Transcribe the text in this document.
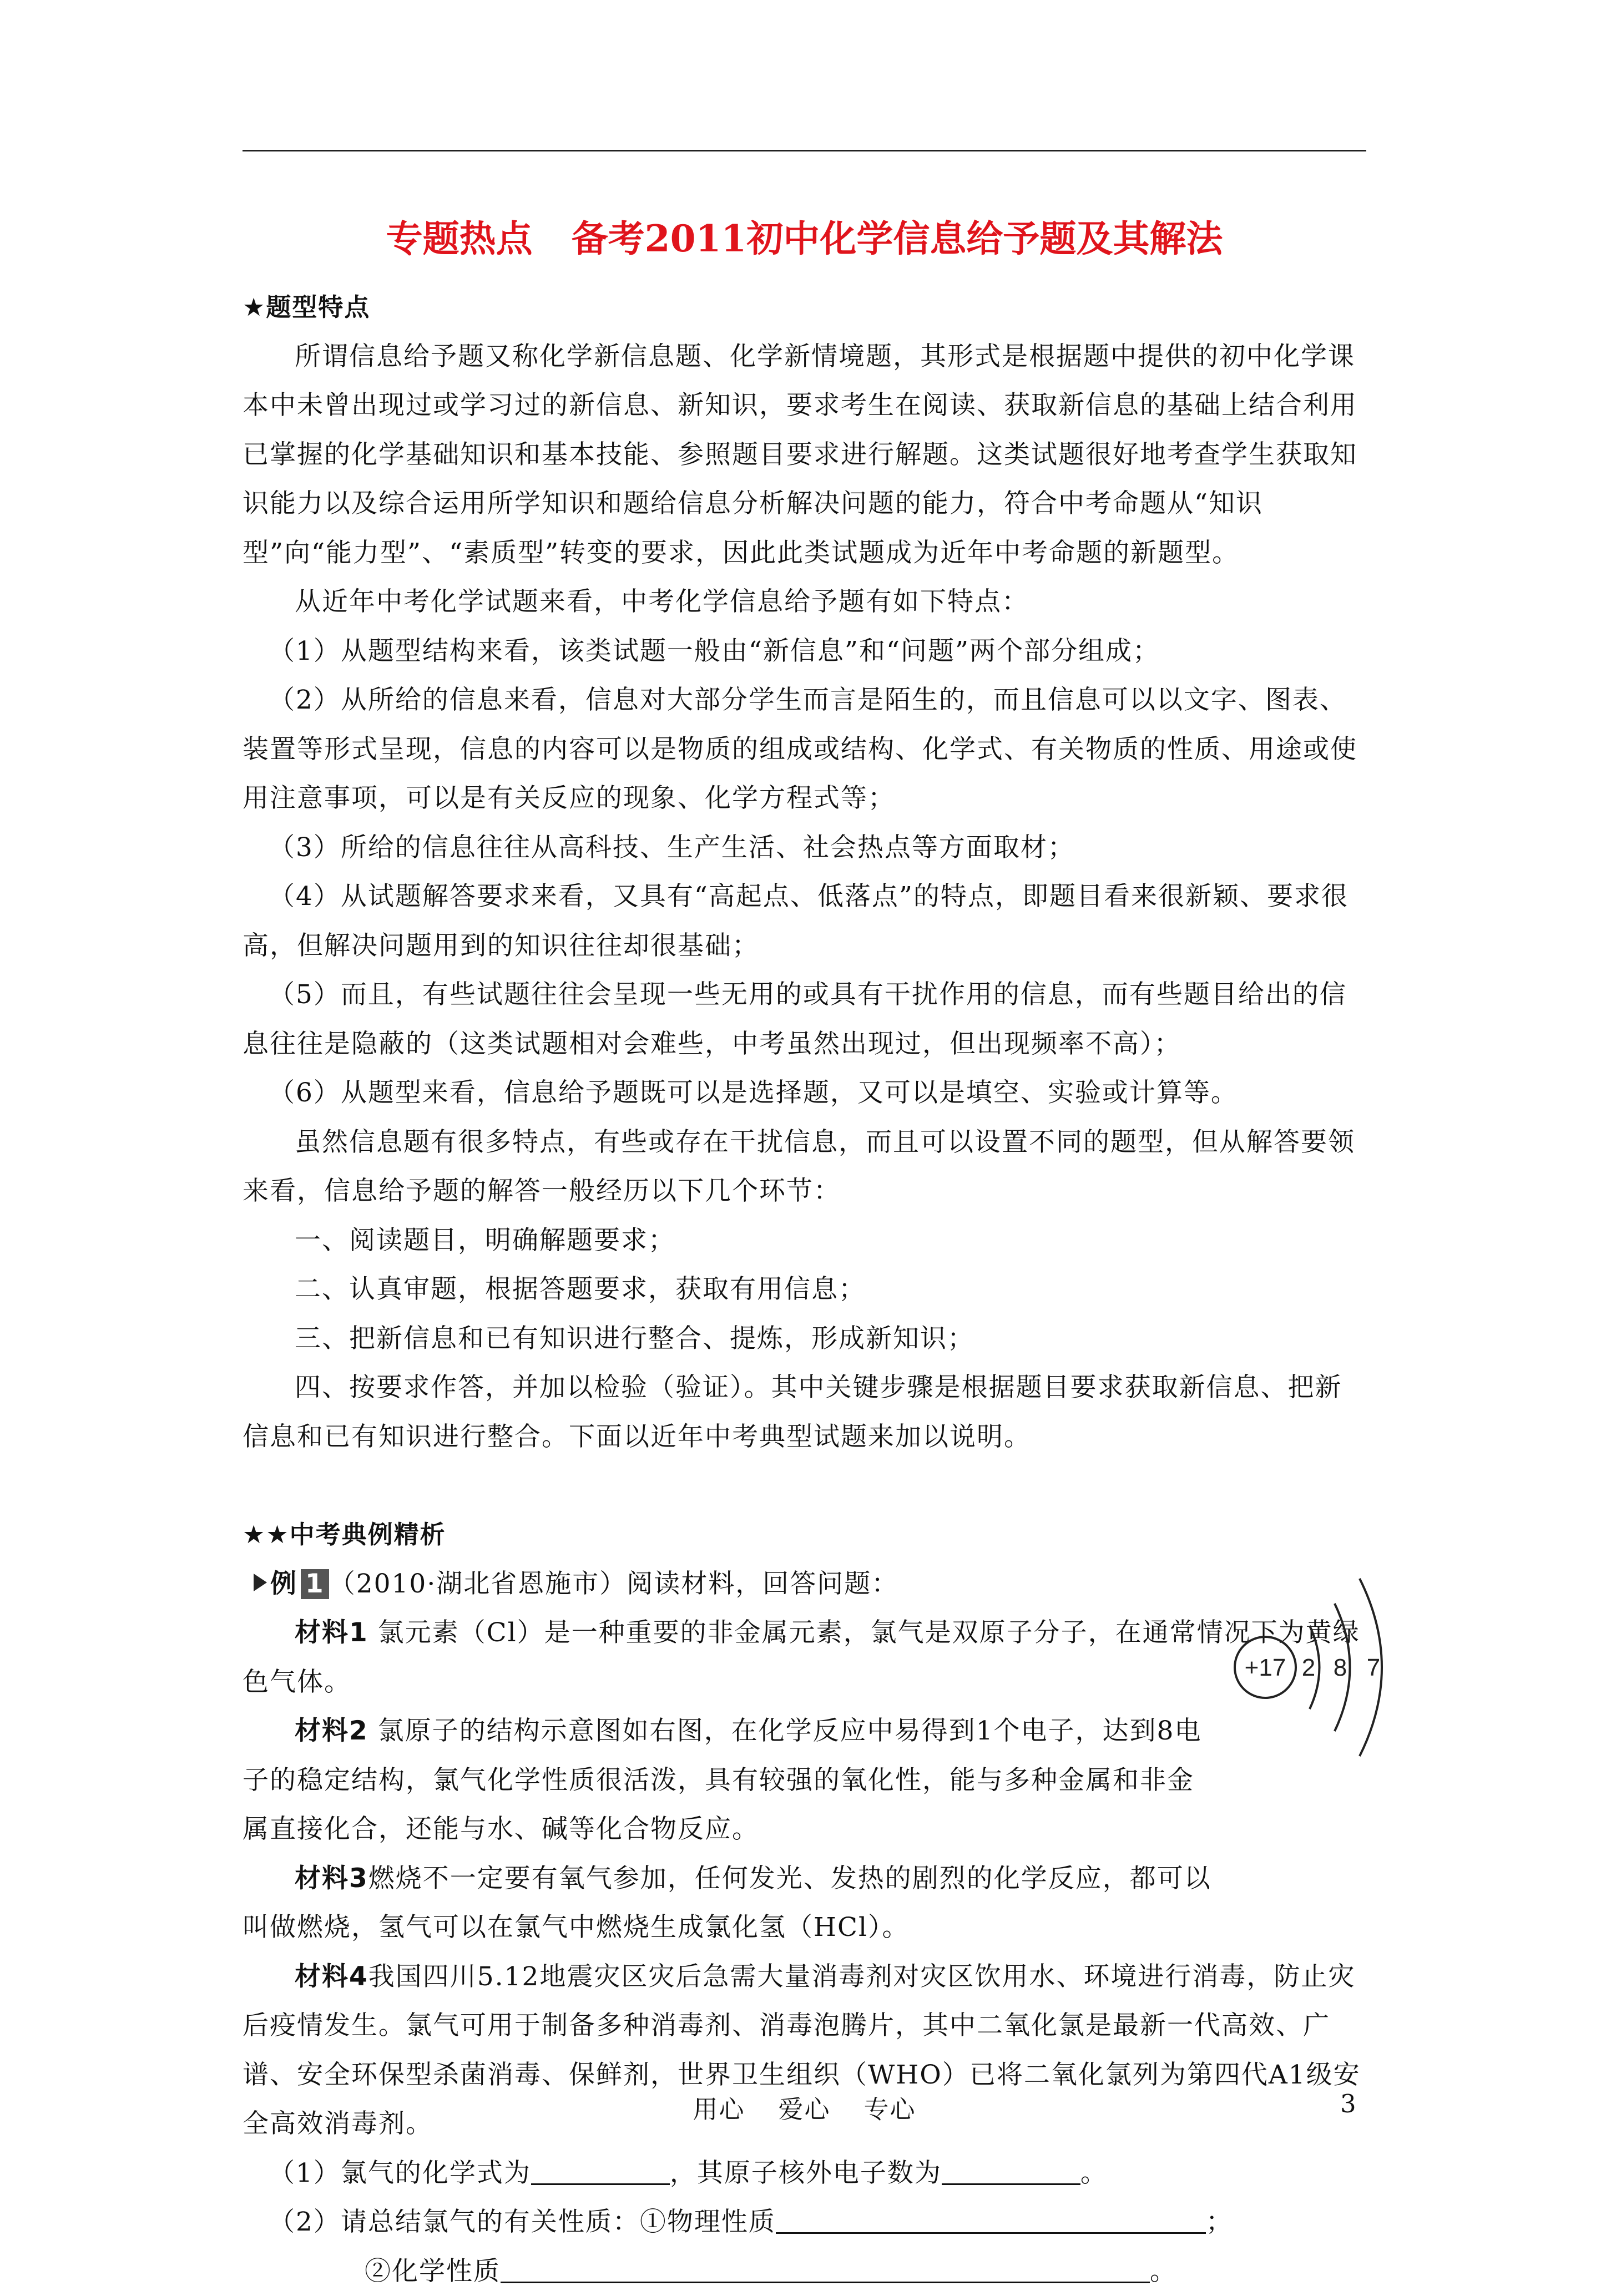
专题热点 备考2011初中化学信息给予题及其解法

★题型特点

所谓信息给予题又称化学新信息题、化学新情境题，其形式是根据题中提供的初中化学课本中未曾出现过或学习过的新信息、新知识，要求考生在阅读、获取新信息的基础上结合利用已掌握的化学基础知识和基本技能、参照题目要求进行解题。这类试题很好地考查学生获取知识能力以及综合运用所学知识和题给信息分析解决问题的能力，符合中考命题从“知识型”向“能力型”、“素质型”转变的要求，因此此类试题成为近年中考命题的新题型。

从近年中考化学试题来看，中考化学信息给予题有如下特点：

（1）从题型结构来看，该类试题一般由“新信息”和“问题”两个部分组成；

（2）从所给的信息来看，信息对大部分学生而言是陌生的，而且信息可以以文字、图表、装置等形式呈现，信息的内容可以是物质的组成或结构、化学式、有关物质的性质、用途或使用注意事项，可以是有关反应的现象、化学方程式等；

（3）所给的信息往往从高科技、生产生活、社会热点等方面取材；

（4）从试题解答要求来看，又具有“高起点、低落点”的特点，即题目看来很新颖、要求很高，但解决问题用到的知识往往却很基础；

（5）而且，有些试题往往会呈现一些无用的或具有干扰作用的信息，而有些题目给出的信息往往是隐蔽的（这类试题相对会难些，中考虽然出现过，但出现频率不高）；

（6）从题型来看，信息给予题既可以是选择题，又可以是填空、实验或计算等。

虽然信息题有很多特点，有些或存在干扰信息，而且可以设置不同的题型，但从解答要领来看，信息给予题的解答一般经历以下几个环节：

一、阅读题目，明确解题要求；

二、认真审题，根据答题要求，获取有用信息；

三、把新信息和已有知识进行整合、提炼，形成新知识；

四、按要求作答，并加以检验（验证）。其中关键步骤是根据题目要求获取新信息、把新信息和已有知识进行整合。下面以近年中考典型试题来加以说明。

★★中考典例精析

例 1 （2010·湖北省恩施市）阅读材料，回答问题：

材料1 氯元素（Cl）是一种重要的非金属元素，氯气是双原子分子，在通常情况下为黄绿色气体。

材料2 氯原子的结构示意图如右图，在化学反应中易得到1个电子，达到8电子的稳定结构，氯气化学性质很活泼，具有较强的氧化性，能与多种金属和非金属直接化合，还能与水、碱等化合物反应。

材料3燃烧不一定要有氧气参加，任何发光、发热的剧烈的化学反应，都可以叫做燃烧，氢气可以在氯气中燃烧生成氯化氢（HCl）。

材料4我国四川5.12地震灾区灾后急需大量消毒剂对灾区饮用水、环境进行消毒，防止灾后疫情发生。氯气可用于制备多种消毒剂、消毒泡腾片，其中二氧化氯是最新一代高效、广谱、安全环保型杀菌消毒、保鲜剂，世界卫生组织（WHO）已将二氧化氯列为第四代A1级安全高效消毒剂。

（1）氯气的化学式为	，其原子核外电子数为	。

（2）请总结氯气的有关性质：①物理性质	；

②化学性质	。

+17 2 8 7
用心 爱心 专心	3
